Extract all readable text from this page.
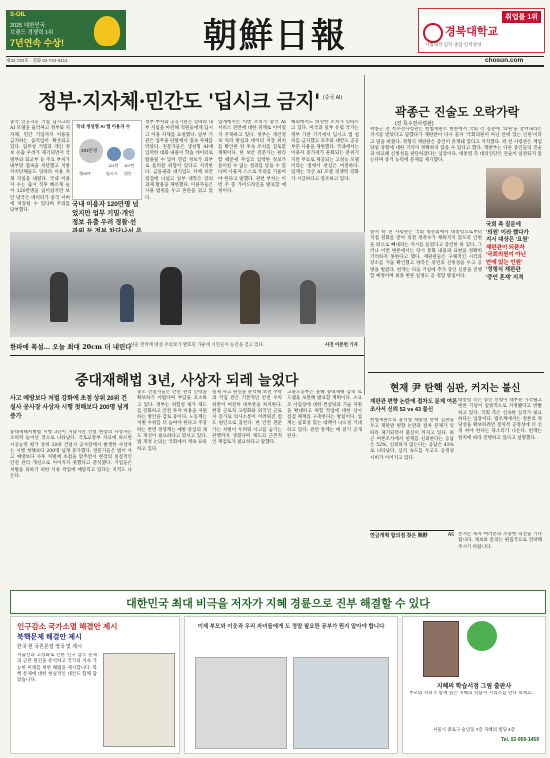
S-OIL
2025 대한민국
브랜드 경쟁력 1위
7년연속 수상!	朝鮮日報	취업률 1위
경북대학교
사범대학 입학·졸업·인력양성
제32,720호 · 전화 02-724-5114	chosun.com
정부·지자체·민간도 '딥시크 금지' (중국 AI)
중국 인공지능 기업 딥시크의 AI 모델을 둘러싸고 정부와 지자체, 민간 기업까지 이용을 금지하는 움직임이 확산되고 있다. 업무상 기밀과 개인 정보 유출 우려가 제기되면서 국방부와 외교부 등 주요 부처가 내부망 접속을 차단했고 지방자치단체들도 잇따라 이용 자제 지침을 내렸다. 국내 이용자 수는 출시 직후 빠르게 늘어 120만명을 넘어섰지만 보안 당국은 데이터가 중국 서버에 저장될 수 있다며 주의를 당부했다.
국내 생성형 AI 앱 이용자 수
493만명
121만 107만
챗GPT	딥시크 뤼튼
국내 이용자 120만명 넘었지만 업무 기밀·개인 정보 유출 우려 경찰·선
정부 부처와 공공기관은 잇따라 내부 지침을 마련해 직원들에게 딥시크 이용 자제를 요청했다. 일부 기관은 업무용 단말에서 접속 자체를 막았다. 전문가들은 생성형 AI에 입력한 대화 내용이 학습 데이터로 활용될 수 있어 민감 정보가 외부로 흘러갈 위험이 있다고 지적한다. 금융권과 대기업도 자체 보안 점검에 나섰고 일부 대학은 강의 과제 활용을 제한했다. 이용자들은 사용 범위를 두고 혼란을 겪고 있다.
업계에서는 이번 조치가 중국 AI 서비스 전반에 대한 경계로 이어질지 주목하고 있다. 정부는 개인정보 처리 방침과 데이터 저장 위치를 확인한 뒤 후속 조치를 검토할 계획이다. 한 보안 전문가는 편리함 때문에 무심코 입력한 정보가 돌이킬 수 없는 결과를 낳을 수 있다며 사용자 스스로 주의를 기울여야 한다고 말했다. 관련 부처는 이번 주 중 가이드라인을 발표할 예정이다.
해외에서도 비슷한 조치가 잇따르고 있다. 미국과 일부 유럽 국가는 정부 기관 기기에서 딥시크 앱 설치를 금지했고 호주와 대만도 공공 부문 사용을 제한했다. 국내에서는 이용자 증가세가 둔화되는 분위기지만 무료로 제공되는 고성능 모델이라는 점에서 관심은 여전하다. 업계는 국산 AI 모델 경쟁력 강화가 시급하다고 강조하고 있다.
곽종근 진술도 오락가락
(전 특수전사령관)
곽종근 전 특수전사령관은 헌법재판소 변론에서 국회 측 질문에 '의원'을 끌어내라는 지시를 받았다고 답했다가 재판관이 다시 묻자 '국회의원이 아닌 안에 있는 인원'이라고 말을 바꿨다. 정형식 재판관은 증언이 혼재돼 있다고 지적했다. 곽 전 사령관은 계엄 당일 상황에 대한 기억이 정확하지 않을 수 있다고 했다. 재판부는 다른 증인들의 진술과 비교해 신빙성을 판단하겠다는 입장이다. 대통령 측 대리인단은 진술이 일관되지 않는다며 증거 능력에 문제를 제기했다.
국회 측 질문에
'의원' 이라 했다가
지시 대상은 '요원'
재판관이 되묻자
'국회의원이 아닌
안에 있는 인원'
'정형식 재판관
'증언 혼재' 지적
앞서 곽 전 사령관은 국회 청문회에서 대통령으로부터 직접 전화를 받아 의결 정족수가 채워지지 않도록 인원을 밖으로 빼내라는 지시를 들었다고 증언한 바 있다. 그러나 이번 변론에서는 당시 통화 내용과 표현을 정확히 기억하지 못한다고 했다. 재판관들은 구체적인 시각과 장소를 거듭 확인했고 양측은 증언의 신빙성을 두고 공방을 벌였다. 헌재는 다음 기일에 추가 증인 신문을 진행할 예정이며 최종 변론 일정도 곧 정할 방침이다.
한파에 폭설… 오늘 최대 20cm 더 내린다
서울 전역에 대설 주의보가 발효된 가운데 시민들이 눈길을 걷고 있다.	사진 이준헌 기자
중대재해법 3년, 사상자 되레 늘었다
사고 예방보다 처벌 강화에 초점 상위 20위 건설사 공사장 사상자 시행 첫해보다 200명 넘게 증가
중대재해처벌법 시행 3년이 지났지만 건설 현장의 사상자는 오히려 늘어난 것으로 나타났다. 국토교통부 자료에 따르면 시공능력 평가 상위 20위 건설사 공사장에서 발생한 사상자는 시행 첫해보다 200명 넘게 증가했다. 전문가들은 법이 사고 예방보다 사후 처벌에 초점을 맞추면서 현장의 실질적인 안전 관리 개선으로 이어지지 못했다고 분석했다. 기업들은 처벌을 피하기 위한 서류 작업에 매달리고 있다는 지적도 나온다.
중소 건설사들은 안전 관리 인력을 확보하기 어렵다며 부담을 호소하고 있다. 정부는 위험성 평가 제도를 강화하고 안전 투자 비용을 지원하는 방안을 검토 중이다. 노동계는 처벌 수위를 더 높여야 한다고 주장하는 반면 경영계는 예방 중심의 제도 개선이 필요하다고 맞서고 있다. 법 개정 논의는 국회에서 계속 표류하고 있다.
실제 사고 원인을 분석해 보면 추락과 끼임 같은 기본적인 안전 수칙 위반이 여전히 대부분을 차지한다. 현장 근로자 고령화와 외국인 근로자 증가로 의사소통이 어려워진 점도 원인으로 꼽힌다. 한 안전 전문가는 처벌이 두려워 사고를 숨기는 관행까지 생겼다며 제도의 근본적인 재검토가 필요하다고 말했다.
고용노동부는 올해 중대재해 감축 로드맵을 보완해 발표할 계획이다. 소규모 사업장에 대한 컨설팅과 기술 지원을 확대하고 위험 작업에 대한 상시 점검 체계를 구축한다는 방침이다. 업계는 실효성 있는 대책이 나오길 기대하고 있다. 관련 통계는 매 분기 공개된다.
현재 尹 탄핵 심판, 커지는 불신
재판관 편향 논란에 절차도 문제 여론조사서 신뢰 52 vs 43 불신
헌법재판소의 윤석열 대통령 탄핵 심판을 두고 재판관 편향 논란과 절차 문제가 잇따라 제기되면서 불신이 커지고 있다. 최근 여론조사에서 헌재를 신뢰한다는 응답은 52%, 신뢰하지 않는다는 응답은 43%로 나타났다. 심리 속도를 두고도 공정성 시비가 이어지고 있다.
대통령 측은 증인 신청이 대부분 기각됐고 변론 기일이 일방적으로 지정됐다고 반발하고 있다. 국회 측은 신속한 심리가 필요하다는 입장이다. 법조계에서는 결론의 정당성을 확보하려면 절차적 공정성에 더 신경 써야 한다는 목소리가 나온다. 헌재는 원칙에 따라 진행하고 있다고 설명했다.
연금개혁 합의점 찾은 與野	A6 본지는 독자 여러분의 소중한 의견을 기다립니다. 제보와 문의는 편집국으로 연락해 주시기 바랍니다.
대한민국 최대 비극을 저자가 지혜 경륜으로 진부 해결할 수 있다
인구감소 국가소멸 해결안 제시
북핵문제 해결안 제시
한국 현 국론분열 정국 및 제시
저출산과 고령화로 인한 인구 감소 문제의 근본 원인을 분석하고 국가의 지속 가능한 미래를 위한 해법을 제시합니다. 북핵 문제에 대한 현실적인 대안도 함께 담았습니다.
이제 부모와 이웃과 우리 자녀들에게 도 정말 필요한 공부가 뭔지 알아야 합니다
지혜의 학습서점 그림 출판사
부모와 자녀가 함께 읽는 지혜의 학습서 시리즈를 만나 보세요.
서울시 종로구 숭인동 7층 지혜의 빌딩 4층
Tel. 02-959-1459
